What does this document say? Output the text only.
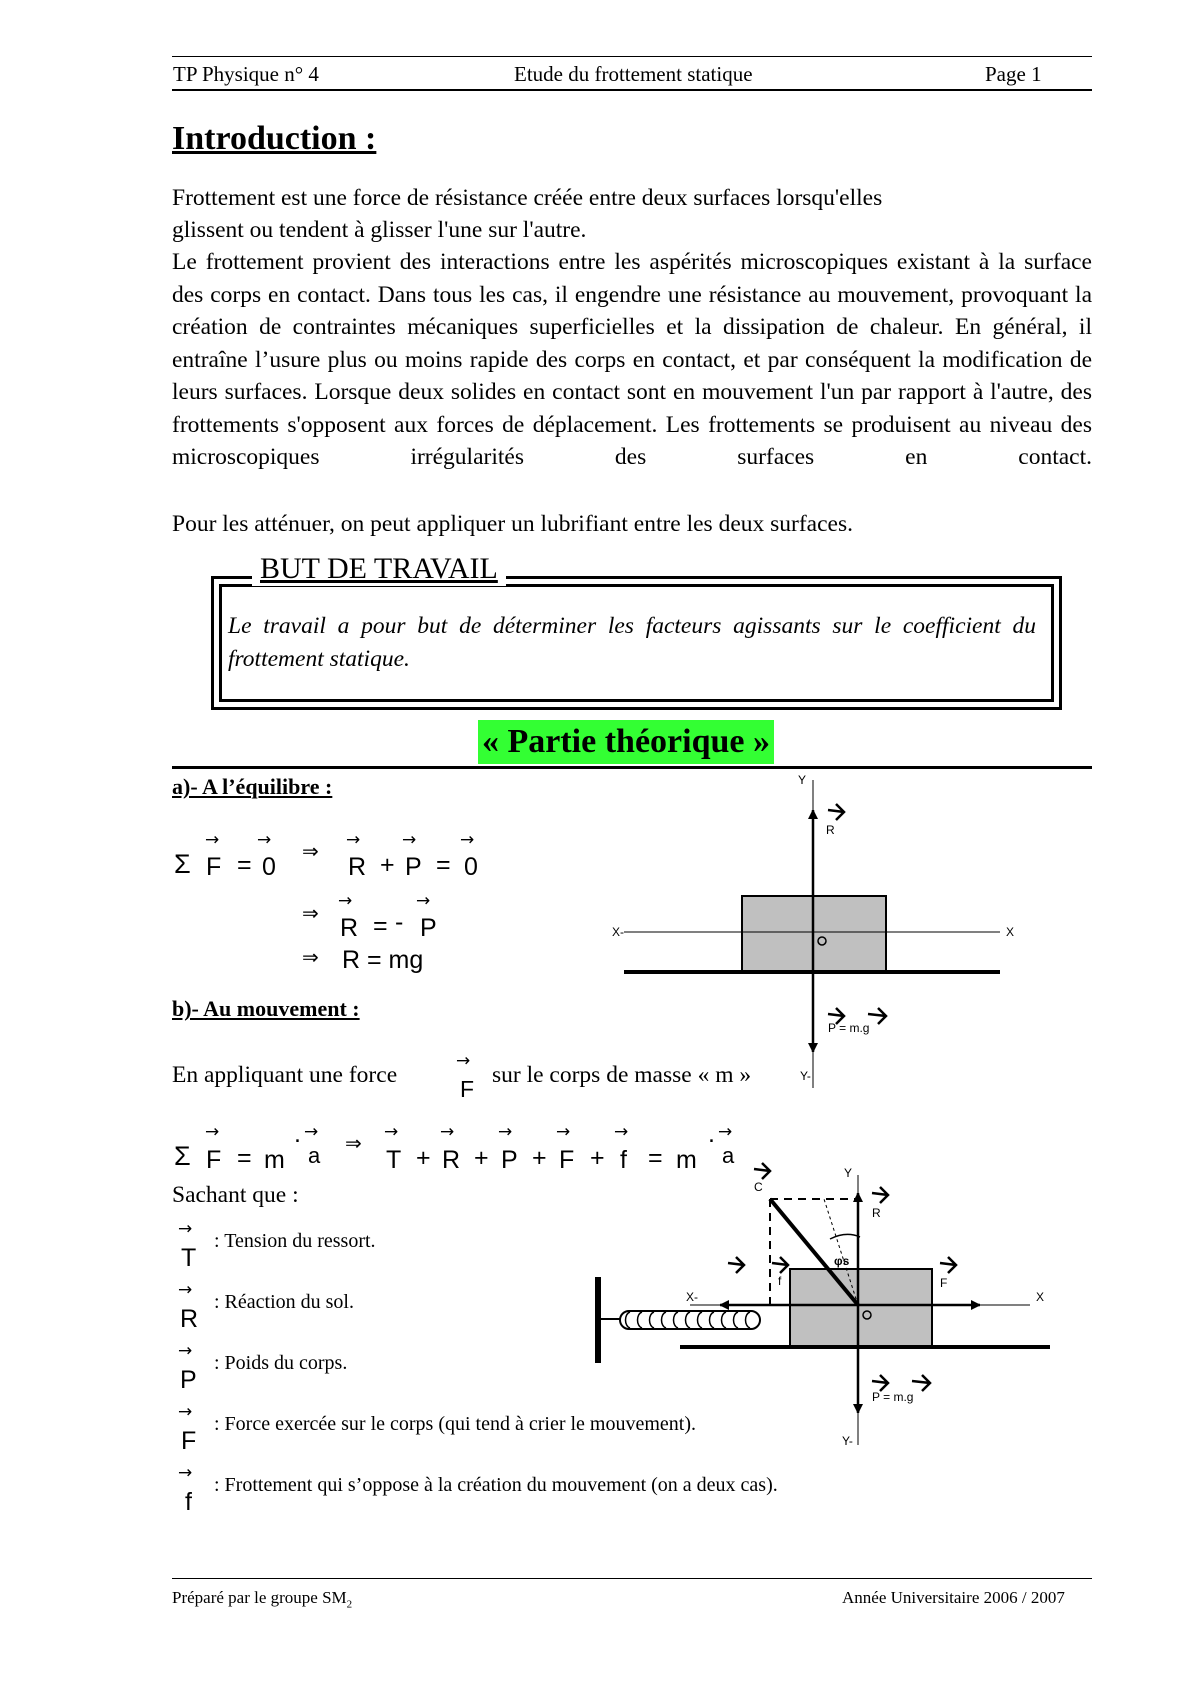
TP Physique n° 4	Etude du frottement statique	Page 1
Introduction :
Frottement est une force de résistance créée entre deux surfaces lorsqu'elles
glissent ou tendent à glisser l'une sur l'autre.
Le frottement provient des interactions entre les aspérités microscopiques existant à la surface des corps en contact. Dans tous les cas, il engendre une résistance au mouvement, provoquant la création de contraintes mécaniques superficielles et la dissipation de chaleur. En général, il entraîne l’usure plus ou moins rapide des corps en contact, et par conséquent la modification de leurs surfaces. Lorsque deux solides en contact sont en mouvement l'un par rapport à l'autre, des frottements s'opposent aux forces de déplacement. Les frottements se produisent au niveau des microscopiques irrégularités des surfaces en contact.
Pour les atténuer, on peut appliquer un lubrifiant entre les deux surfaces.
BUT DE TRAVAIL
Le travail a pour but de déterminer les facteurs agissants sur le coefficient du frottement statique.
« Partie théorique »
a)- A l’équilibre :
Σ
→
F =
→
0
⇒
→
R +
→
P =
→
0
⇒
→
R = -
→
P
⇒ R = mg
b)- Au mouvement :
En appliquant une force
→
F
sur le corps de masse « m »
Σ
→
F = m
. →
a ⇒
→
T +
→
R +
→
P +
→
F +
→
f = m
. →
a
Sachant que :
→
T
: Tension du ressort.
→
R
: Réaction du sol.
→
P
: Poids du corps.
→
F
: Force exercée sur le corps (qui tend à crier le mouvement).
→
f
: Frottement qui s’oppose à la création du mouvement (on a deux cas).
Y
Y-
X
X-
R
P = m.g
Y
Y-
X
X-
R
F
f
C
φs
P = m.g
Préparé par le groupe $SM_2$	Année Universitaire 2006 / 2007
